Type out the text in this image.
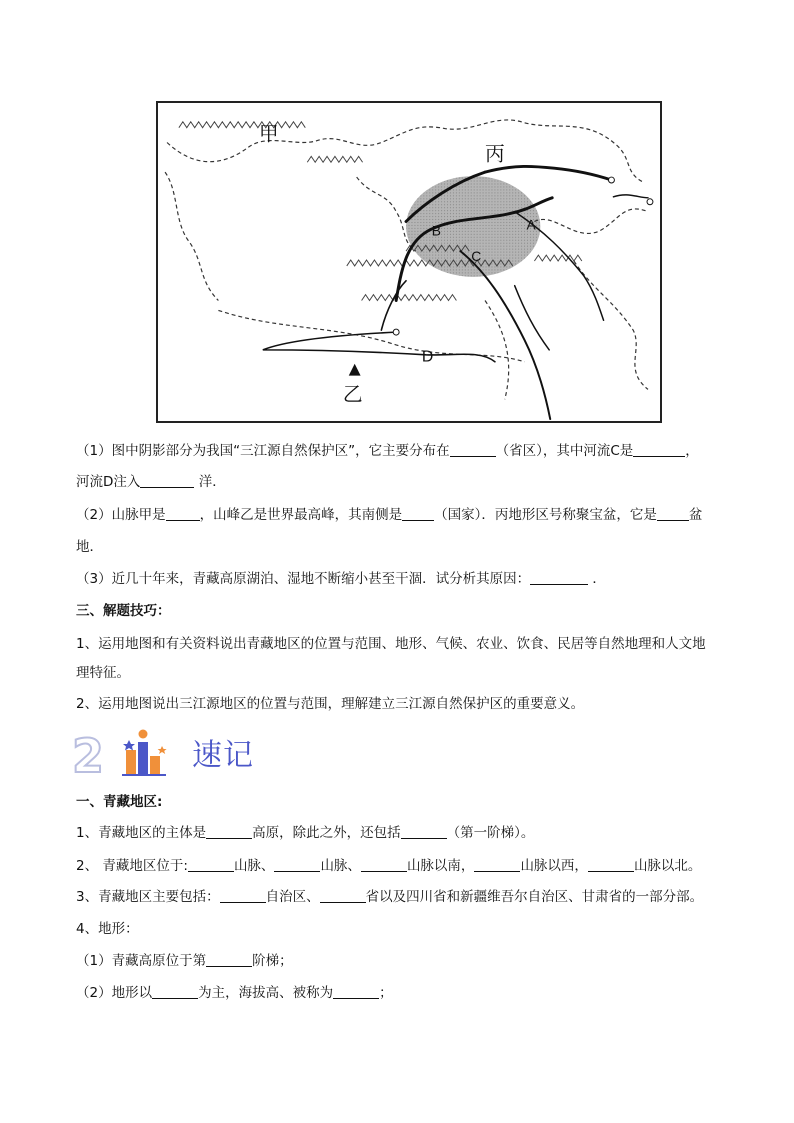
甲
丙
乙
A
B
C
D
（1）图中阴影部分为我国“三江源自然保护区”，它主要分布在	（省区），其中河流C是	，
河流D注入	洋．
（2）山脉甲是	，山峰乙是世界最高峰，其南侧是 （国家）．丙地形区号称聚宝盆，它是 盆
地．
（3）近几十年来，青藏高原湖泊、湿地不断缩小甚至干涸．试分析其原因：	．
三、解题技巧：
1、运用地图和有关资料说出青藏地区的位置与范围、地形、气候、农业、饮食、民居等自然地理和人文地
理特征。
2、运用地图说出三江源地区的位置与范围，理解建立三江源自然保护区的重要意义。
2	速记
一、青藏地区:
1、青藏地区的主体是	高原，除此之外，还包括	（第一阶梯）。
2、 青藏地区位于:	山脉、	山脉、	山脉以南，	山脉以西，	山脉以北。
3、青藏地区主要包括：	自治区、	省以及四川省和新疆维吾尔自治区、甘肃省的一部分部。
4、地形：
（1）青藏高原位于第	阶梯；
（2）地形以	为主，海拔高、被称为	；
